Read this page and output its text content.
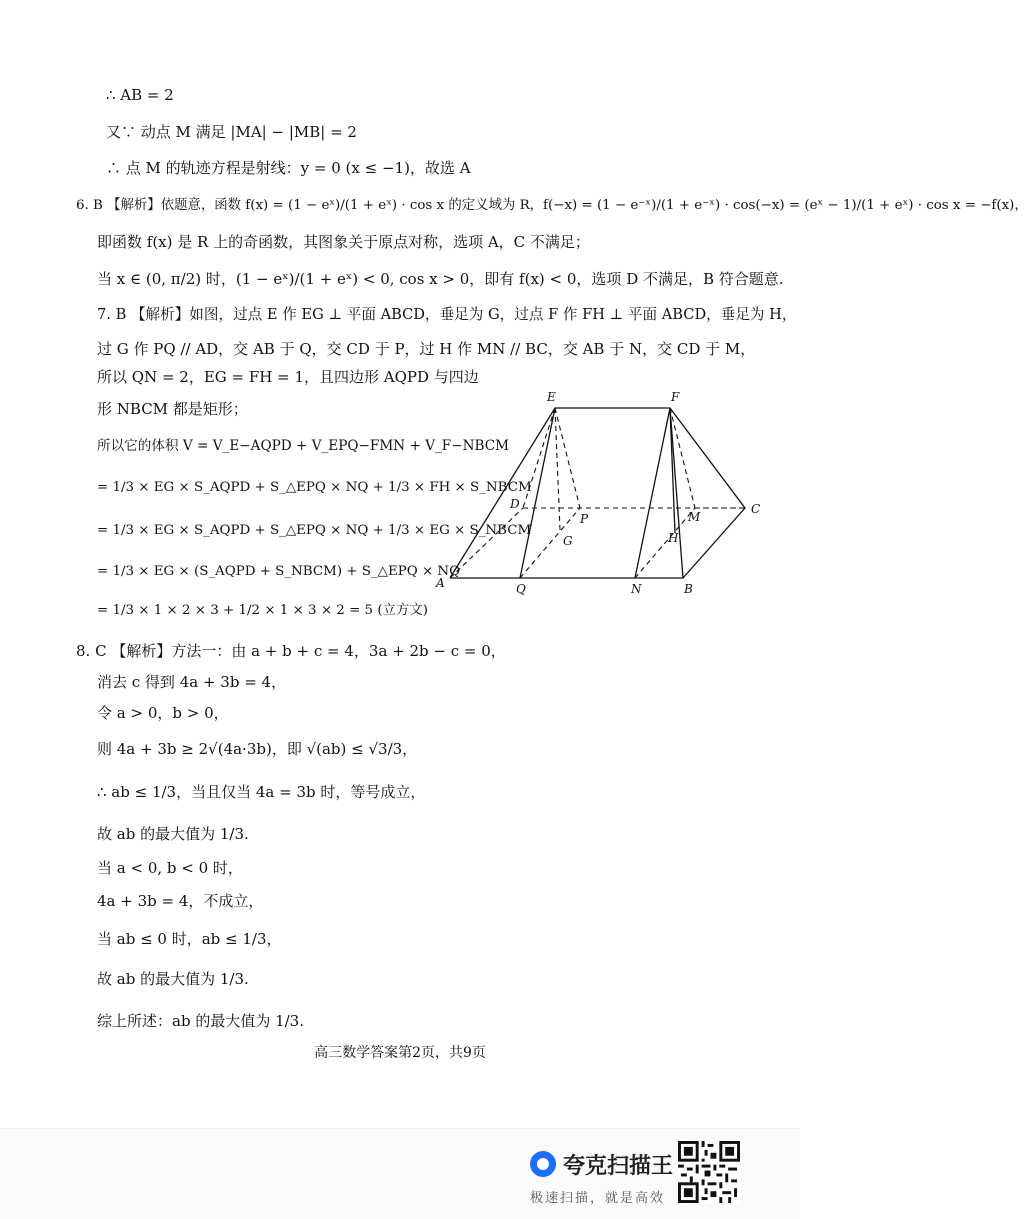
∴ AB = 2
又∵ 动点 M 满足 |MA| − |MB| = 2
∴ 点 M 的轨迹方程是射线：y = 0 (x ≤ −1)，故选 A
6. B 【解析】依题意，函数 f(x) = (1 − eˣ)/(1 + eˣ) · cos x 的定义域为 R，f(−x) = (1 − e⁻ˣ)/(1 + e⁻ˣ) · cos(−x) = (eˣ − 1)/(1 + eˣ) · cos x = −f(x)，
即函数 f(x) 是 R 上的奇函数，其图象关于原点对称，选项 A，C 不满足；
当 x ∈ (0, π/2) 时，(1 − eˣ)/(1 + eˣ) < 0, cos x > 0，即有 f(x) < 0，选项 D 不满足，B 符合题意.
7. B 【解析】如图，过点 E 作 EG ⊥ 平面 ABCD，垂足为 G，过点 F 作 FH ⊥ 平面 ABCD，垂足为 H，
过 G 作 PQ // AD，交 AB 于 Q，交 CD 于 P，过 H 作 MN // BC，交 AB 于 N，交 CD 于 M，
所以 QN = 2，EG = FH = 1，且四边形 AQPD 与四边
形 NBCM 都是矩形；
所以它的体积 V = V_E−AQPD + V_EPQ−FMN + V_F−NBCM
= 1/3 × EG × S_AQPD + S_△EPQ × NQ + 1/3 × FH × S_NBCM
= 1/3 × EG × S_AQPD + S_△EPQ × NQ + 1/3 × EG × S_NBCM
= 1/3 × EG × (S_AQPD + S_NBCM) + S_△EPQ × NQ
= 1/3 × 1 × 2 × 3 + 1/2 × 1 × 3 × 2 = 5 (立方文)
8. C 【解析】方法一：由 a + b + c = 4，3a + 2b − c = 0，
消去 c 得到 4a + 3b = 4，
令 a > 0，b > 0，
则 4a + 3b ≥ 2√(4a·3b)，即 √(ab) ≤ √3/3，
∴ ab ≤ 1/3，当且仅当 4a = 3b 时，等号成立，
故 ab 的最大值为 1/3.
当 a < 0, b < 0 时，
4a + 3b = 4，不成立，
当 ab ≤ 0 时，ab ≤ 1/3，
故 ab 的最大值为 1/3.
综上所述：ab 的最大值为 1/3.
E	F
D	C
P	M
G	H
A	Q	N	B
高三数学答案第2页，共9页
夸克扫描王
极速扫描，就是高效
